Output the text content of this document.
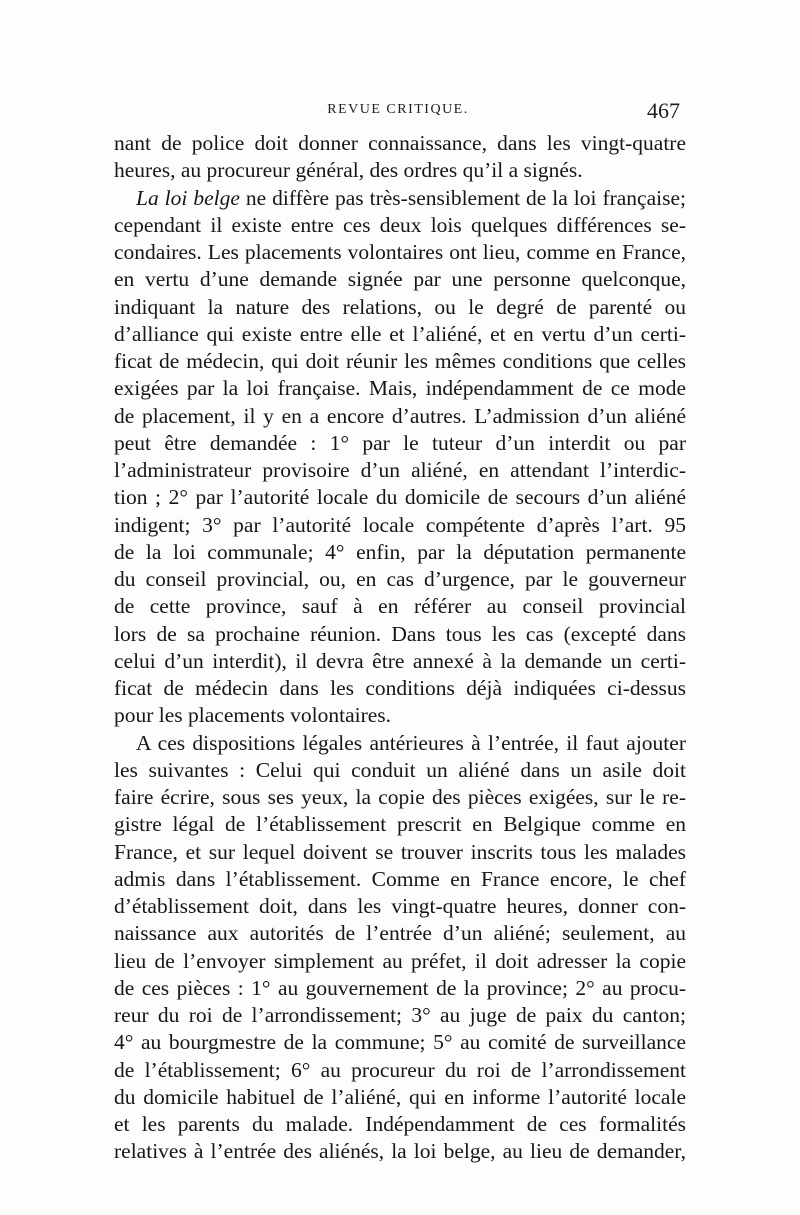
REVUE CRITIQUE.	467
nant de police doit donner connaissance, dans les vingt-quatre
heures, au procureur général, des ordres qu’il a signés.
La loi belge ne diffère pas très-sensiblement de la loi française;
cependant il existe entre ces deux lois quelques différences se-
condaires. Les placements volontaires ont lieu, comme en France,
en vertu d’une demande signée par une personne quelconque,
indiquant la nature des relations, ou le degré de parenté ou
d’alliance qui existe entre elle et l’aliéné, et en vertu d’un certi-
ficat de médecin, qui doit réunir les mêmes conditions que celles
exigées par la loi française. Mais, indépendamment de ce mode
de placement, il y en a encore d’autres. L’admission d’un aliéné
peut être demandée : 1° par le tuteur d’un interdit ou par
l’administrateur provisoire d’un aliéné, en attendant l’interdic-
tion ; 2° par l’autorité locale du domicile de secours d’un aliéné
indigent; 3° par l’autorité locale compétente d’après l’art. 95
de la loi communale; 4° enfin, par la députation permanente
du conseil provincial, ou, en cas d’urgence, par le gouverneur
de cette province, sauf à en référer au conseil provincial
lors de sa prochaine réunion. Dans tous les cas (excepté dans
celui d’un interdit), il devra être annexé à la demande un certi-
ficat de médecin dans les conditions déjà indiquées ci-dessus
pour les placements volontaires.
A ces dispositions légales antérieures à l’entrée, il faut ajouter
les suivantes : Celui qui conduit un aliéné dans un asile doit
faire écrire, sous ses yeux, la copie des pièces exigées, sur le re-
gistre légal de l’établissement prescrit en Belgique comme en
France, et sur lequel doivent se trouver inscrits tous les malades
admis dans l’établissement. Comme en France encore, le chef
d’établissement doit, dans les vingt-quatre heures, donner con-
naissance aux autorités de l’entrée d’un aliéné; seulement, au
lieu de l’envoyer simplement au préfet, il doit adresser la copie
de ces pièces : 1° au gouvernement de la province; 2° au procu-
reur du roi de l’arrondissement; 3° au juge de paix du canton;
4° au bourgmestre de la commune; 5° au comité de surveillance
de l’établissement; 6° au procureur du roi de l’arrondissement
du domicile habituel de l’aliéné, qui en informe l’autorité locale
et les parents du malade. Indépendamment de ces formalités
relatives à l’entrée des aliénés, la loi belge, au lieu de demander,
